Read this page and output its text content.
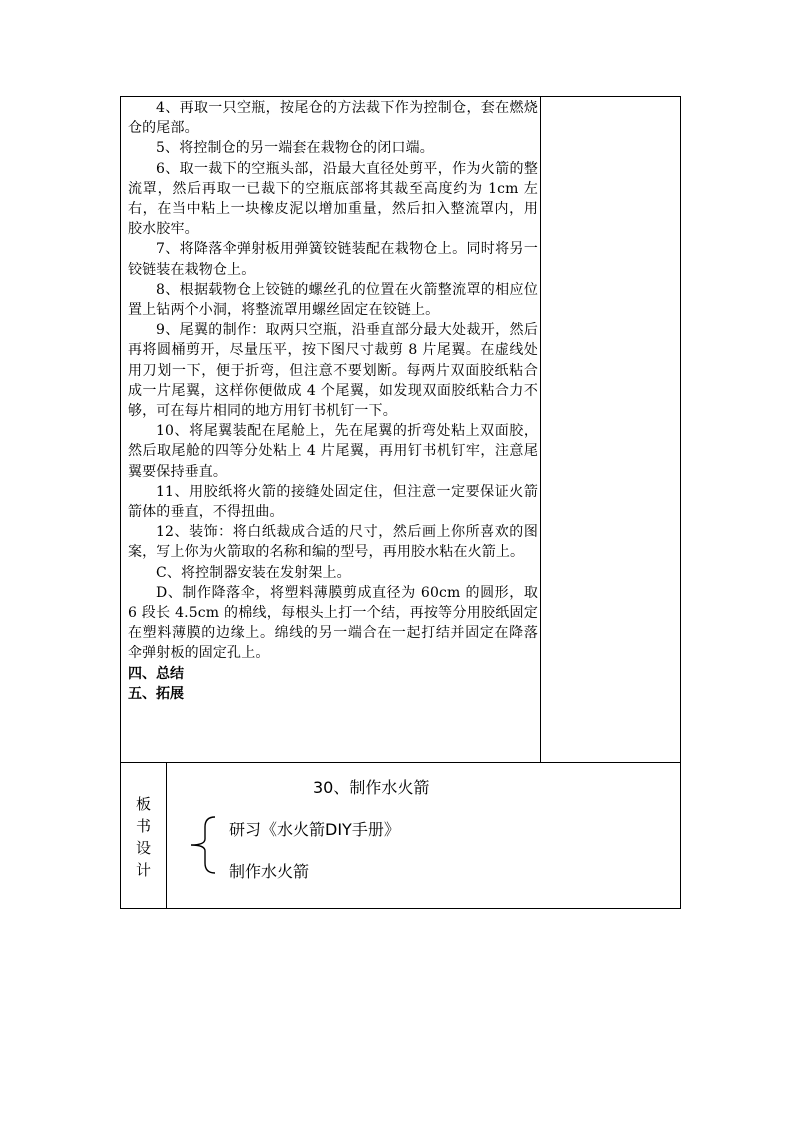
4、再取一只空瓶，按尾仓的方法裁下作为控制仓，套在燃烧仓的尾部。

5、将控制仓的另一端套在栽物仓的闭口端。

6、取一裁下的空瓶头部，沿最大直径处剪平，作为火箭的整流罩，然后再取一已裁下的空瓶底部将其裁至高度约为 1cm 左右，在当中粘上一块橡皮泥以增加重量，然后扣入整流罩内，用胶水胶牢。

7、将降落伞弹射板用弹簧铰链装配在栽物仓上。同时将另一铰链装在栽物仓上。

8、根据载物仓上铰链的螺丝孔的位置在火箭整流罩的相应位置上钻两个小洞，将整流罩用螺丝固定在铰链上。

9、尾翼的制作：取两只空瓶，沿垂直部分最大处裁开，然后再将圆桶剪开，尽量压平，按下图尺寸裁剪 8 片尾翼。在虚线处用刀划一下，便于折弯，但注意不要划断。每两片双面胶纸粘合成一片尾翼，这样你便做成 4 个尾翼，如发现双面胶纸粘合力不够，可在每片相同的地方用钉书机钉一下。

10、将尾翼装配在尾舱上，先在尾翼的折弯处粘上双面胶，然后取尾舱的四等分处粘上 4 片尾翼，再用钉书机钉牢，注意尾翼要保持垂直。

11、用胶纸将火箭的接缝处固定住，但注意一定要保证火箭箭体的垂直，不得扭曲。

12、装饰：将白纸裁成合适的尺寸，然后画上你所喜欢的图案，写上你为火箭取的名称和编的型号，再用胶水粘在火箭上。

C、将控制器安装在发射架上。

D、制作降落伞，将塑料薄膜剪成直径为 60cm 的圆形，取 6 段长 4.5cm 的棉线，每根头上打一个结，再按等分用胶纸固定在塑料薄膜的边缘上。绵线的另一端合在一起打结并固定在降落伞弹射板的固定孔上。

四、总结

五、拓展

板
书
设
计
30、制作水火箭
研习《水火箭DIY手册》
制作水火箭
